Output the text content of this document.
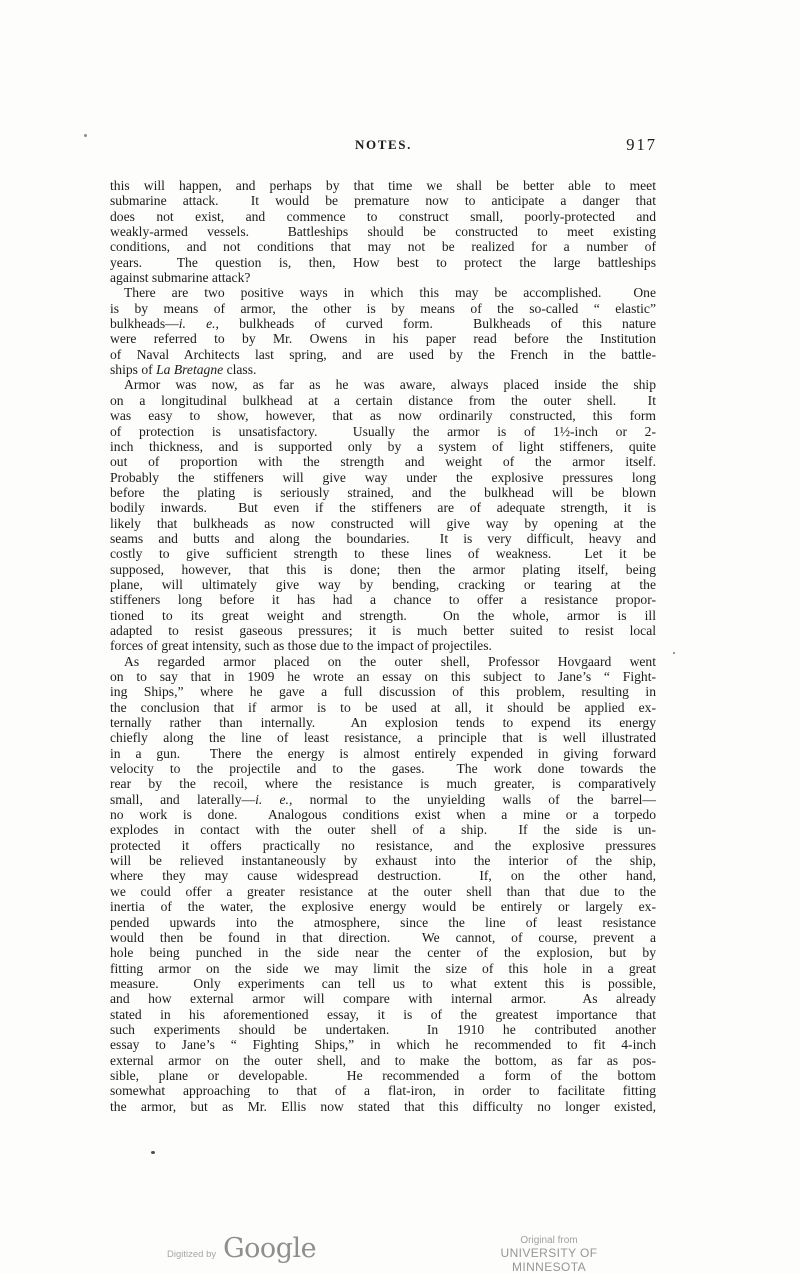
NOTES.	917
this will happen, and perhaps by that time we shall be better able to meet
submarine attack.  It would be premature now to anticipate a danger that
does not exist, and commence to construct small, poorly-protected and
weakly-armed vessels.  Battleships should be constructed to meet existing
conditions, and not conditions that may not be realized for a number of
years.  The question is, then, How best to protect the large battleships
against submarine attack?
There are two positive ways in which this may be accomplished.  One
is by means of armor, the other is by means of the so-called “ elastic”
bulkheads—i. e., bulkheads of curved form.  Bulkheads of this nature
were referred to by Mr. Owens in his paper read before the Institution
of Naval Architects last spring, and are used by the French in the battle-
ships of La Bretagne class.
Armor was now, as far as he was aware, always placed inside the ship
on a longitudinal bulkhead at a certain distance from the outer shell.  It
was easy to show, however, that as now ordinarily constructed, this form
of protection is unsatisfactory.  Usually the armor is of 1½-inch or 2-
inch thickness, and is supported only by a system of light stiffeners, quite
out of proportion with the strength and weight of the armor itself.
Probably the stiffeners will give way under the explosive pressures long
before the plating is seriously strained, and the bulkhead will be blown
bodily inwards.  But even if the stiffeners are of adequate strength, it is
likely that bulkheads as now constructed will give way by opening at the
seams and butts and along the boundaries.  It is very difficult, heavy and
costly to give sufficient strength to these lines of weakness.  Let it be
supposed, however, that this is done; then the armor plating itself, being
plane, will ultimately give way by bending, cracking or tearing at the
stiffeners long before it has had a chance to offer a resistance propor-
tioned to its great weight and strength.  On the whole, armor is ill
adapted to resist gaseous pressures; it is much better suited to resist local
forces of great intensity, such as those due to the impact of projectiles.
As regarded armor placed on the outer shell, Professor Hovgaard went
on to say that in 1909 he wrote an essay on this subject to Jane’s “ Fight-
ing Ships,” where he gave a full discussion of this problem, resulting in
the conclusion that if armor is to be used at all, it should be applied ex-
ternally rather than internally.  An explosion tends to expend its energy
chiefly along the line of least resistance, a principle that is well illustrated
in a gun.  There the energy is almost entirely expended in giving forward
velocity to the projectile and to the gases.  The work done towards the
rear by the recoil, where the resistance is much greater, is comparatively
small, and laterally—i. e., normal to the unyielding walls of the barrel—
no work is done.  Analogous conditions exist when a mine or a torpedo
explodes in contact with the outer shell of a ship.  If the side is un-
protected it offers practically no resistance, and the explosive pressures
will be relieved instantaneously by exhaust into the interior of the ship,
where they may cause widespread destruction.  If, on the other hand,
we could offer a greater resistance at the outer shell than that due to the
inertia of the water, the explosive energy would be entirely or largely ex-
pended upwards into the atmosphere, since the line of least resistance
would then be found in that direction.  We cannot, of course, prevent a
hole being punched in the side near the center of the explosion, but by
fitting armor on the side we may limit the size of this hole in a great
measure.  Only experiments can tell us to what extent this is possible,
and how external armor will compare with internal armor.  As already
stated in his aforementioned essay, it is of the greatest importance that
such experiments should be undertaken.  In 1910 he contributed another
essay to Jane’s “ Fighting Ships,” in which he recommended to fit 4-inch
external armor on the outer shell, and to make the bottom, as far as pos-
sible, plane or developable.  He recommended a form of the bottom
somewhat approaching to that of a flat-iron, in order to facilitate fitting
the armor, but as Mr. Ellis now stated that this difficulty no longer existed,
Digitized by Google	Original from
UNIVERSITY OF MINNESOTA
